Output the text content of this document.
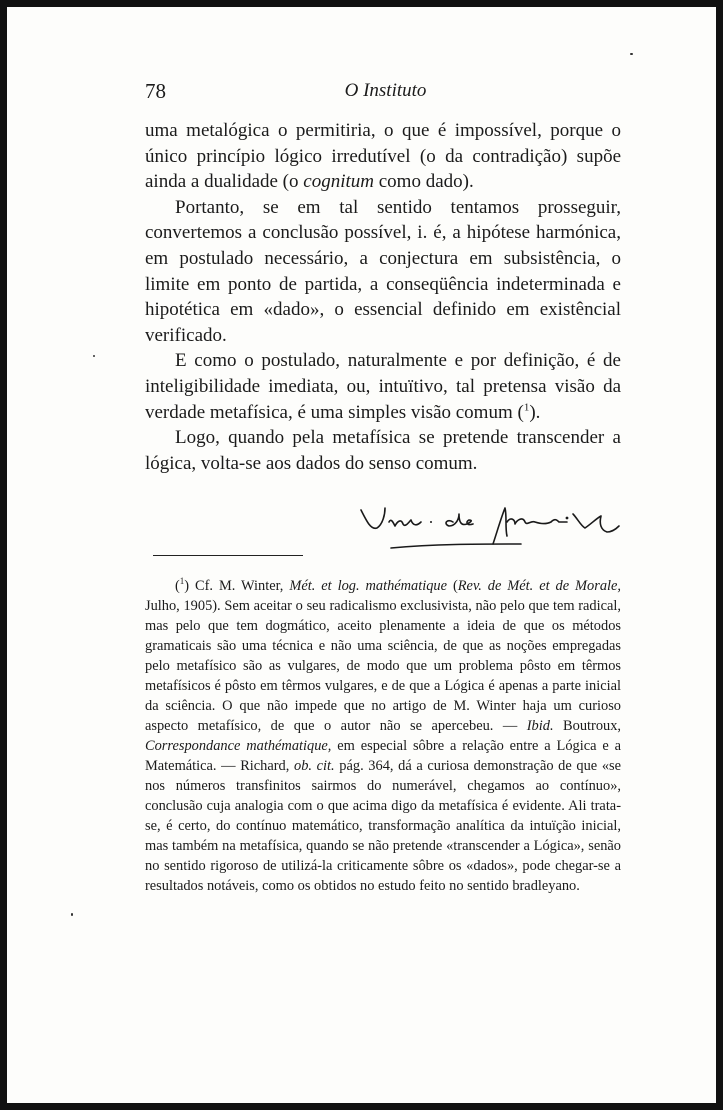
78	O Instituto

uma metalógica o permitiria, o que é impossível, porque o único princípio lógico irredutível (o da contradição) supõe ainda a dualidade (o cognitum como dado).

Portanto, se em tal sentido tentamos prosseguir, convertemos a conclusão possível, i. é, a hipótese harmónica, em postulado necessário, a conjectura em subsistência, o limite em ponto de partida, a conseqüência indeterminada e hipotética em «dado», o essencial definido em existêncial verificado.

E como o postulado, naturalmente e por definição, é de inteligibilidade imediata, ou, intuïtivo, tal pretensa visão da verdade metafísica, é uma simples visão comum ($^1$).

Logo, quando pela metafísica se pretende transcender a lógica, volta-se aos dados do senso comum.

($^1$) Cf. M. Winter, Mét. et log. mathématique (Rev. de Mét. et de Morale, Julho, 1905). Sem aceitar o seu radicalismo exclusivista, não pelo que tem radical, mas pelo que tem dogmático, aceito plenamente a ideia de que os métodos gramaticais são uma técnica e não uma sciência, de que as noções empregadas pelo metafísico são as vulgares, de modo que um problema pôsto em têrmos metafísicos é pôsto em têrmos vulgares, e de que a Lógica é apenas a parte inicial da sciência. O que não impede que no artigo de M. Winter haja um curioso aspecto metafísico, de que o autor não se apercebeu. — Ibid. Boutroux, Correspondance mathématique, em especial sôbre a relação entre a Lógica e a Matemática. — Richard, ob. cit. pág. 364, dá a curiosa demonstração de que «se nos números transfinitos sairmos do numerável, chegamos ao contínuo», conclusão cuja analogia com o que acima digo da metafísica é evidente. Ali trata-se, é certo, do contínuo matemático, transformação analítica da intuïção inicial, mas também na metafísica, quando se não pretende «transcender a Lógica», senão no sentido rigoroso de utilizá-la criticamente sôbre os «dados», pode chegar-se a resultados notáveis, como os obtidos no estudo feito no sentido bradleyano.
